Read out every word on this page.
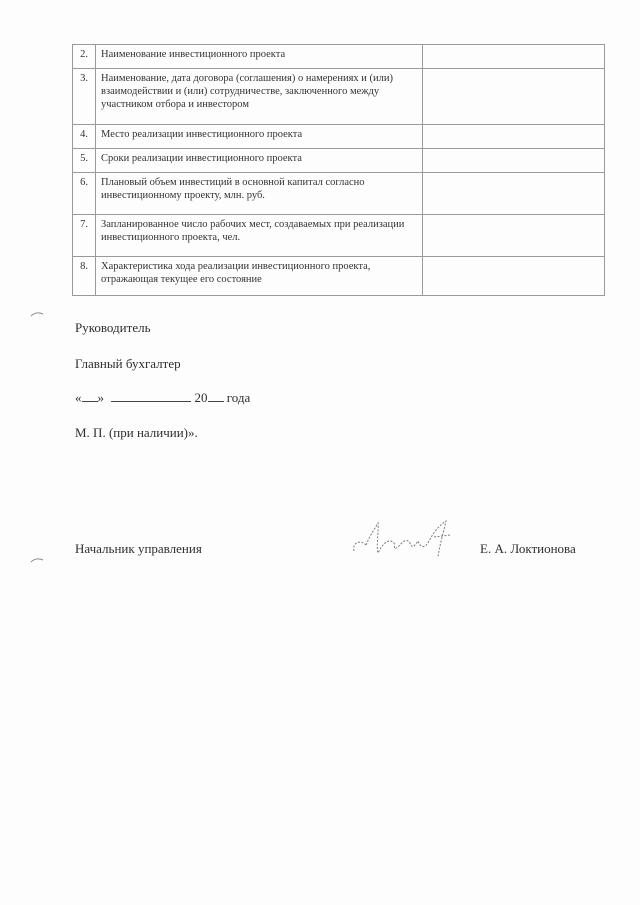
2.	Наименование инвестиционного проекта	
3.	Наименование, дата договора (соглашения) о намерениях и (или) взаимодействии и (или) сотрудничестве, заключенного между участником отбора и инвестором	
4.	Место реализации инвестиционного проекта	
5.	Сроки реализации инвестиционного проекта	
6.	Плановый объем инвестиций в основной капитал согласно инвестиционному проекту, млн. руб.	
7.	Запланированное число рабочих мест, создаваемых при реализации инвестиционного проекта, чел.	
8.	Характеристика хода реализации инвестиционного проекта, отражающая текущее его состояние	
Руководитель
Главный бухгалтер
« »	20 года
М. П. (при наличии)».
Начальник управления	Е. А. Локтионова
